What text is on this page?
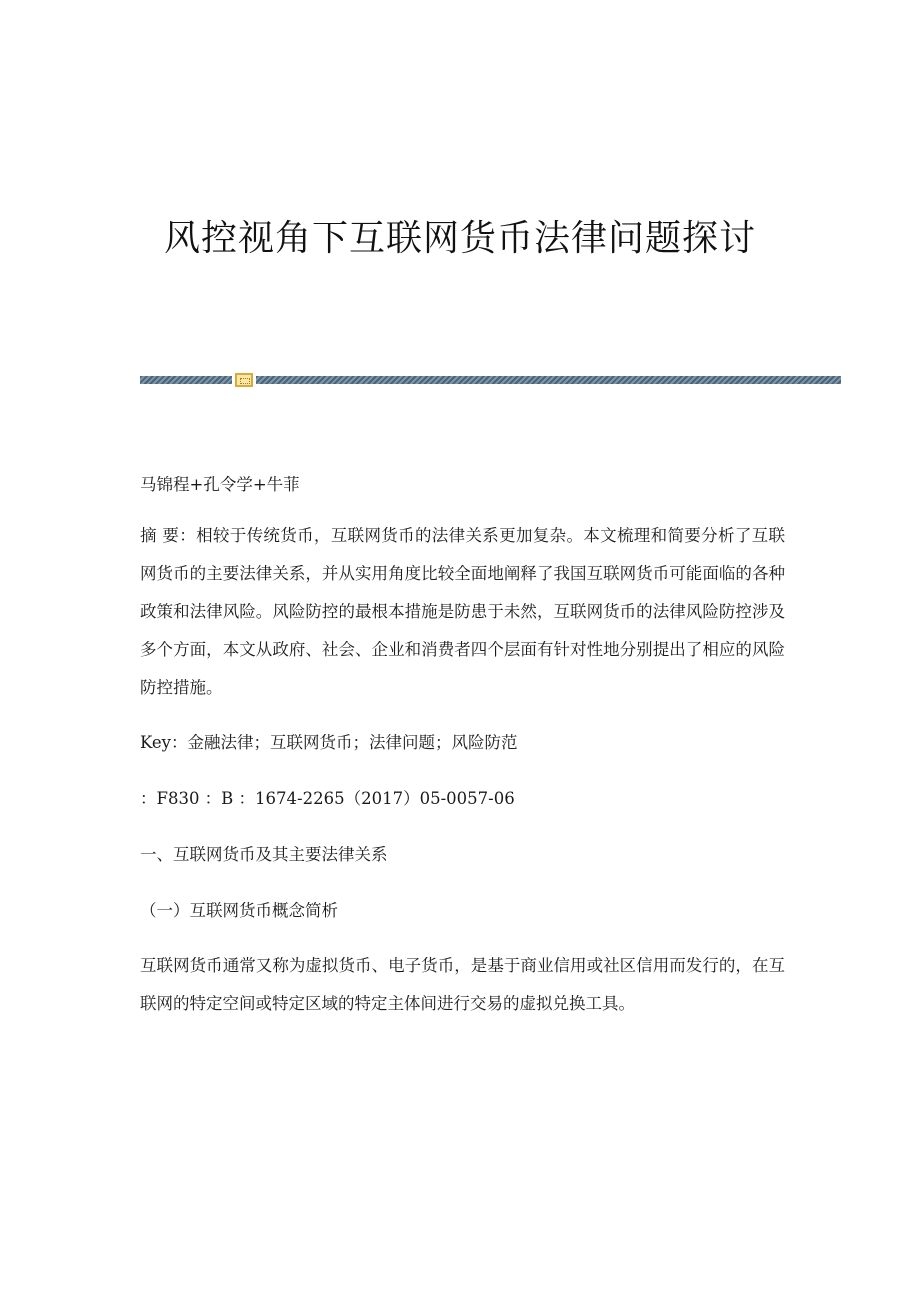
风控视角下互联网货币法律问题探讨
马锦程+孔令学+牛菲

摘 要：相较于传统货币，互联网货币的法律关系更加复杂。本文梳理和简要分析了互联网货币的主要法律关系，并从实用角度比较全面地阐释了我国互联网货币可能面临的各种政策和法律风险。风险防控的最根本措施是防患于未然，互联网货币的法律风险防控涉及多个方面，本文从政府、社会、企业和消费者四个层面有针对性地分别提出了相应的风险防控措施。

Key：金融法律；互联网货币；法律问题；风险防范
：F830 ：B ：1674-2265（2017）05-0057-06
一、互联网货币及其主要法律关系
（一）互联网货币概念简析

互联网货币通常又称为虚拟货币、电子货币，是基于商业信用或社区信用而发行的，在互联网的特定空间或特定区域的特定主体间进行交易的虚拟兑换工具。
